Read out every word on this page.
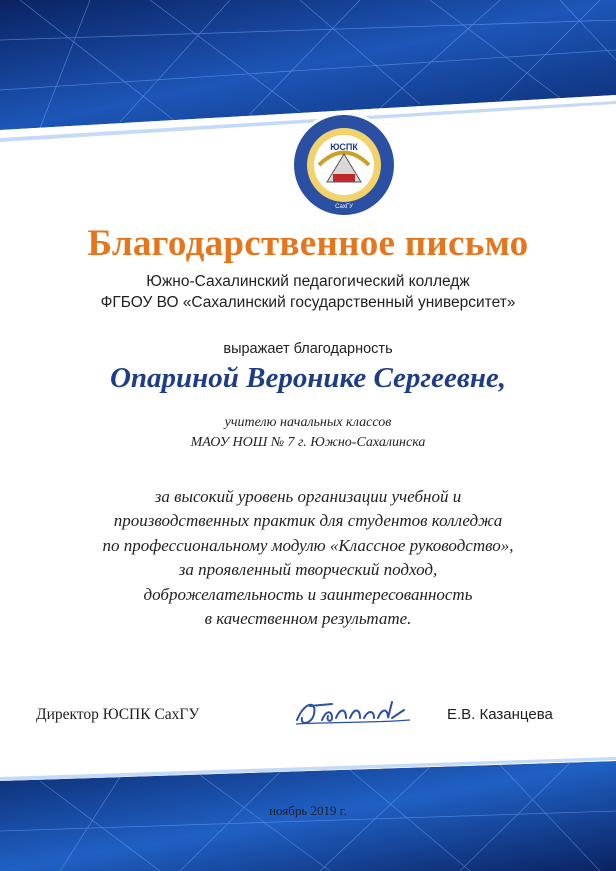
ЮСПК
СахГУ
Благодарственное письмо
Южно-Сахалинский педагогический колледж
ФГБОУ ВО «Сахалинский государственный университет»
выражает благодарность
Опариной Веронике Сергеевне,
учителю начальных классов
МАОУ НОШ № 7 г. Южно-Сахалинска
за высокий уровень организации учебной и
производственных практик для студентов колледжа
по профессиональному модулю «Классное руководство»,
за проявленный творческий подход,
доброжелательность и заинтересованность
в качественном результате.
Директор ЮСПК СахГУ	Е.В. Казанцева
ноябрь 2019 г.
